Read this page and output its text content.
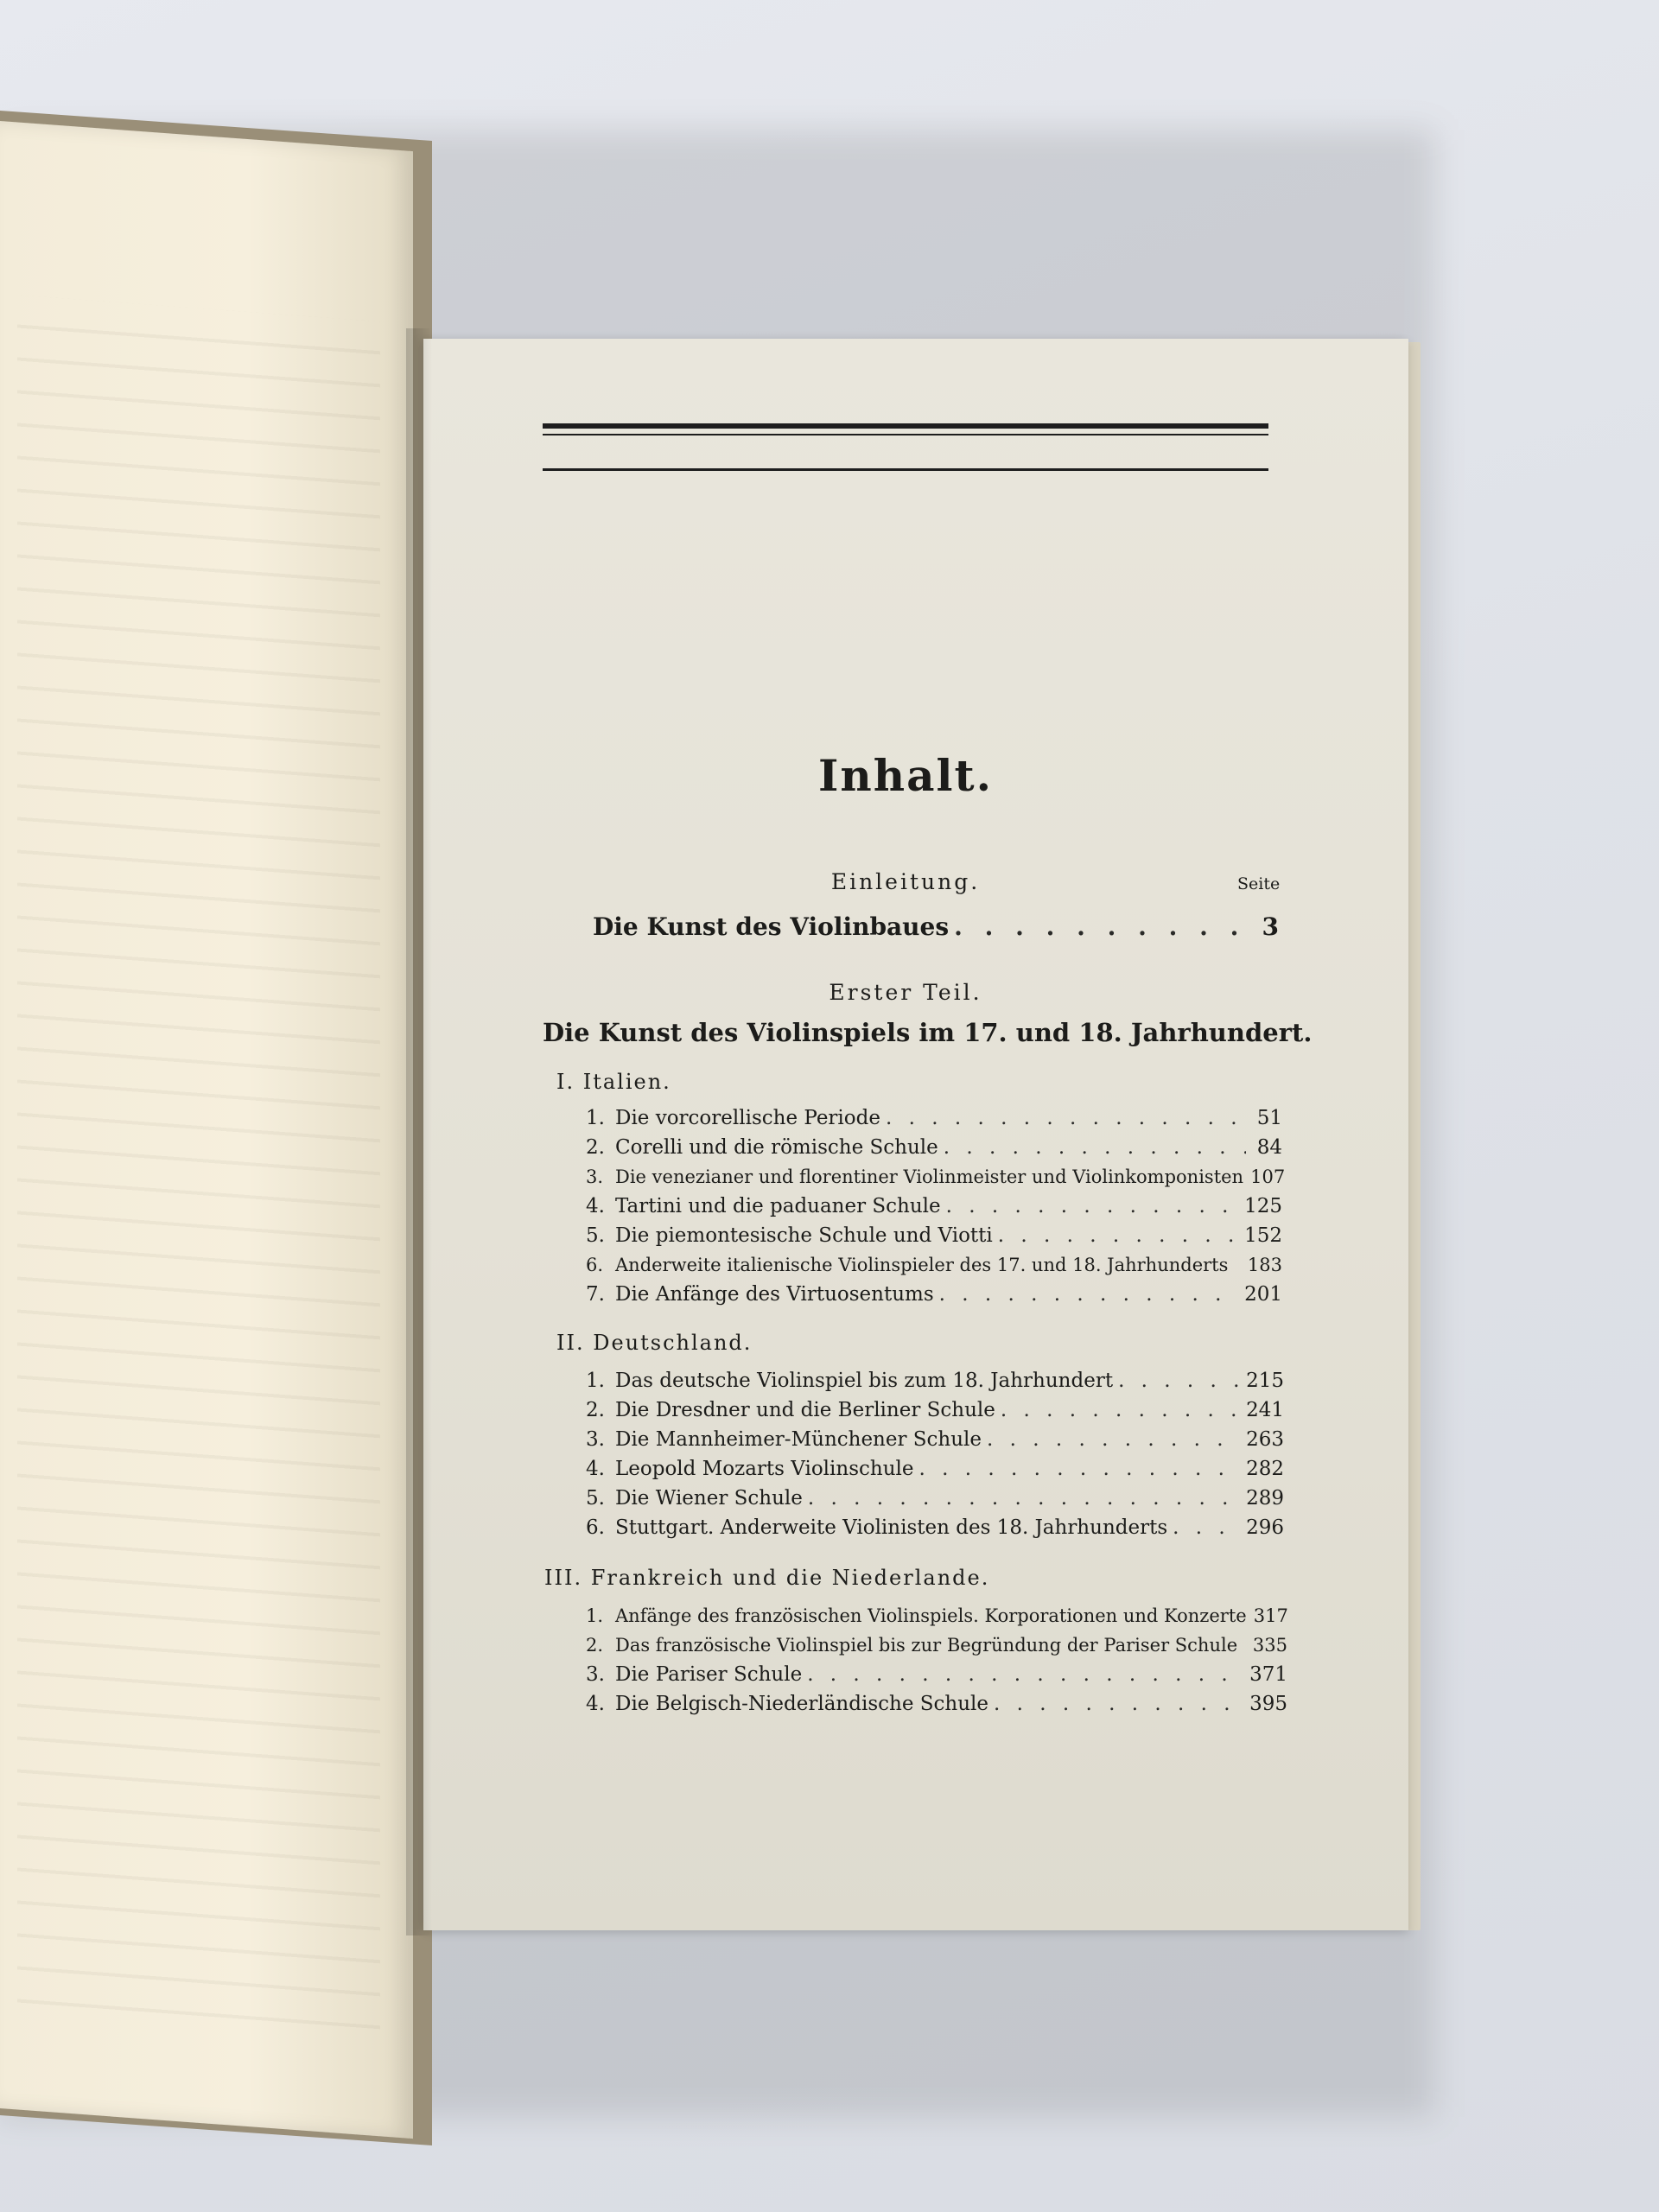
Inhalt.
Einleitung.	Seite
Die Kunst des Violinbaues . . .	3
Erster Teil.
Die Kunst des Violinspiels im 17. und 18. Jahrhundert.
I. Italien.
1. Die vorcorellische Periode . . .	51
2. Corelli und die römische Schule . . .	84
3. Die venezianer und florentiner Violinmeister und Violinkomponisten 107
4. Tartini und die paduaner Schule . . .	125
5. Die piemontesische Schule und Viotti . . .	152
6. Anderweite italienische Violinspieler des 17. und 18. Jahrhunderts 183
7. Die Anfänge des Virtuosentums . . .	201
II. Deutschland.
1. Das deutsche Violinspiel bis zum 18. Jahrhundert . . .	215
2. Die Dresdner und die Berliner Schule . . .	241
3. Die Mannheimer-Münchener Schule . . .	263
4. Leopold Mozarts Violinschule . . .	282
5. Die Wiener Schule . . .	289
6. Stuttgart. Anderweite Violinisten des 18. Jahrhunderts . . .	296
III. Frankreich und die Niederlande.
1. Anfänge des französischen Violinspiels. Korporationen und Konzerte 317
2. Das französische Violinspiel bis zur Begründung der Pariser Schule 335
3. Die Pariser Schule . . .	371
4. Die Belgisch-Niederländische Schule . . .	395
